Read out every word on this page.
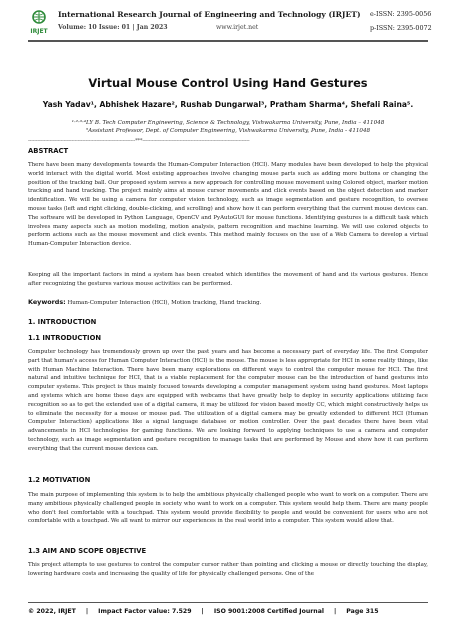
IRJET
International Research Journal of Engineering and Technology (IRJET)
Volume: 10 Issue: 01 | Jan 2023	www.irjet.net
e-ISSN: 2395-0056
p-ISSN: 2395-0072
Virtual Mouse Control Using Hand Gestures
Yash Yadav¹, Abhishek Hazare², Rushab Dungarwal³, Pratham Sharma⁴, Shefali Raina⁵.
¹·²·³·⁴LY B. Tech Computer Engineering, Science & Technology, Vishwakarma University, Pune, India – 411048
⁵Assistant Professor, Dept. of Computer Engineering, Vishwakarma University, Pune, India - 411048
---------------------------------------------------------------------***---------------------------------------------------------------------
ABSTRACT
There have been many developments towards the Human-Computer Interaction (HCI). Many modules have been developed to help the physical world interact with the digital world. Most existing approaches involve changing mouse parts such as adding more buttons or changing the position of the tracking ball. Our proposed system serves a new approach for controlling mouse movement using Colored object, marker motion tracking and hand tracking. The project mainly aims at mouse cursor movements and click events based on the object detection and marker identification. We will be using a camera for computer vision technology, such as image segmentation and gesture recognition, to oversee mouse tasks (left and right clicking, double-clicking, and scrolling) and show how it can perform everything that the current mouse devices can. The software will be developed in Python Language, OpenCV and PyAutoGUI for mouse functions. Identifying gestures is a difficult task which involves many aspects such as motion modeling, motion analysis, pattern recognition and machine learning. We will use colored objects to perform actions such as the mouse movement and click events. This method mainly focuses on the use of a Web Camera to develop a virtual Human-Computer Interaction device.
Keeping all the important factors in mind a system has been created which identifies the movement of hand and its various gestures. Hence after recognizing the gestures various mouse activities can be performed.
Keywords: Human-Computer Interaction (HCI), Motion tracking, Hand tracking.
1. INTRODUCTION
1.1 INTRODUCTION
Computer technology has tremendously grown up over the past years and has become a necessary part of everyday life. The first Computer part that human's access for Human Computer Interaction (HCI) is the mouse. The mouse is less appropriate for HCI in some reality things, like with Human Machine Interaction. There have been many explorations on different ways to control the computer mouse for HCI. The first natural and intuitive technique for HCI, that is a viable replacement for the computer mouse can be the introduction of hand gestures into computer systems. This project is thus mainly focused towards developing a computer management system using hand gestures. Most laptops and systems which are home these days are equipped with webcams that have greatly help to deploy in security applications utilizing face recognition so as to get the extended use of a digital camera, it may be utilized for vision based mostly CC, which might constructively helps us to eliminate the necessity for a mouse or mouse pad. The utilization of a digital camera may be greatly extended to different HCI (Human Computer Interaction) applications like a signal language database or motion controller. Over the past decades there have been vital advancements in HCI technologies for gaming functions. We are looking forward to applying techniques to use a camera and computer technology, such as image segmentation and gesture recognition to manage tasks that are performed by Mouse and show how it can perform everything that the current mouse devices can.
1.2 MOTIVATION
The main purpose of implementing this system is to help the ambitious physically challenged people who want to work on a computer. There are many ambitious physically challenged people in society who want to work on a computer. This system would help them. There are many people who don't feel comfortable with a touchpad. This system would provide flexibility to people and would be convenient for users who are not comfortable with a touchpad. We all want to mirror our experiences in the real world into a computer. This system would allow that.
1.3 AIM AND SCOPE OBJECTIVE
This project attempts to use gestures to control the computer cursor rather than pointing and clicking a mouse or directly touching the display, lowering hardware costs and increasing the quality of life for physically challenged persons. One of the
© 2022, IRJET | Impact Factor value: 7.529 | ISO 9001:2008 Certified Journal | Page 315
